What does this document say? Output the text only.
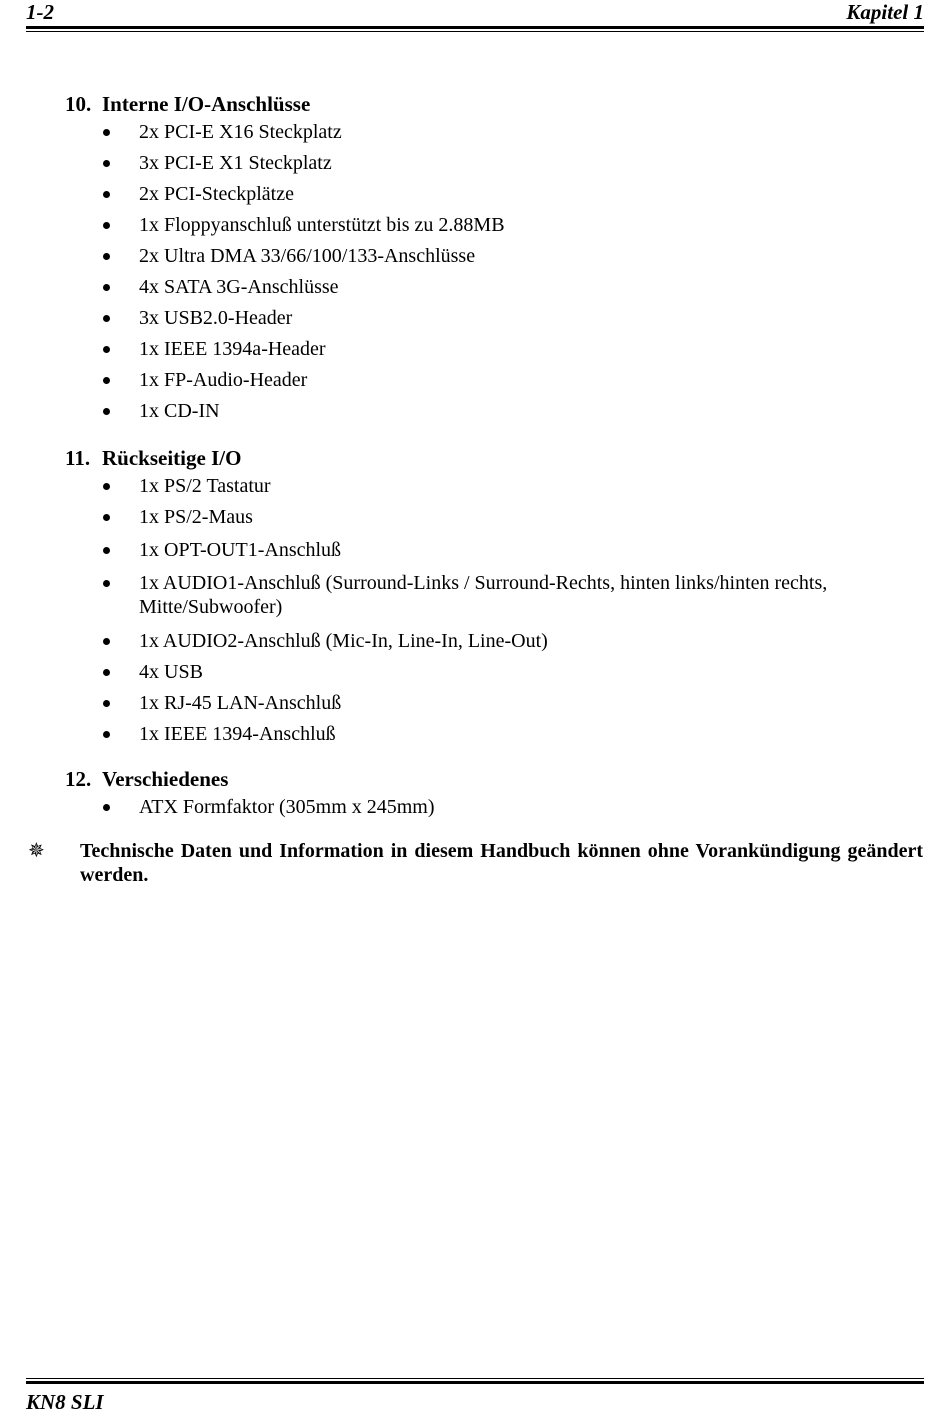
1-2	Kapitel 1
10. Interne I/O-Anschlüsse
2x PCI-E X16 Steckplatz
3x PCI-E X1 Steckplatz
2x PCI-Steckplätze
1x Floppyanschluß unterstützt bis zu 2.88MB
2x Ultra DMA 33/66/100/133-Anschlüsse
4x SATA 3G-Anschlüsse
3x USB2.0-Header
1x IEEE 1394a-Header
1x FP-Audio-Header
1x CD-IN
11. Rückseitige I/O
1x PS/2 Tastatur
1x PS/2-Maus
1x OPT-OUT1-Anschluß
1x AUDIO1-Anschluß (Surround-Links / Surround-Rechts, hinten links/hinten rechts, Mitte/Subwoofer)
1x AUDIO2-Anschluß (Mic-In, Line-In, Line-Out)
4x USB
1x RJ-45 LAN-Anschluß
1x IEEE 1394-Anschluß
12. Verschiedenes
ATX Formfaktor (305mm x 245mm)
✵ Technische Daten und Information in diesem Handbuch können ohne Vorankündigung geändert werden.
KN8 SLI
